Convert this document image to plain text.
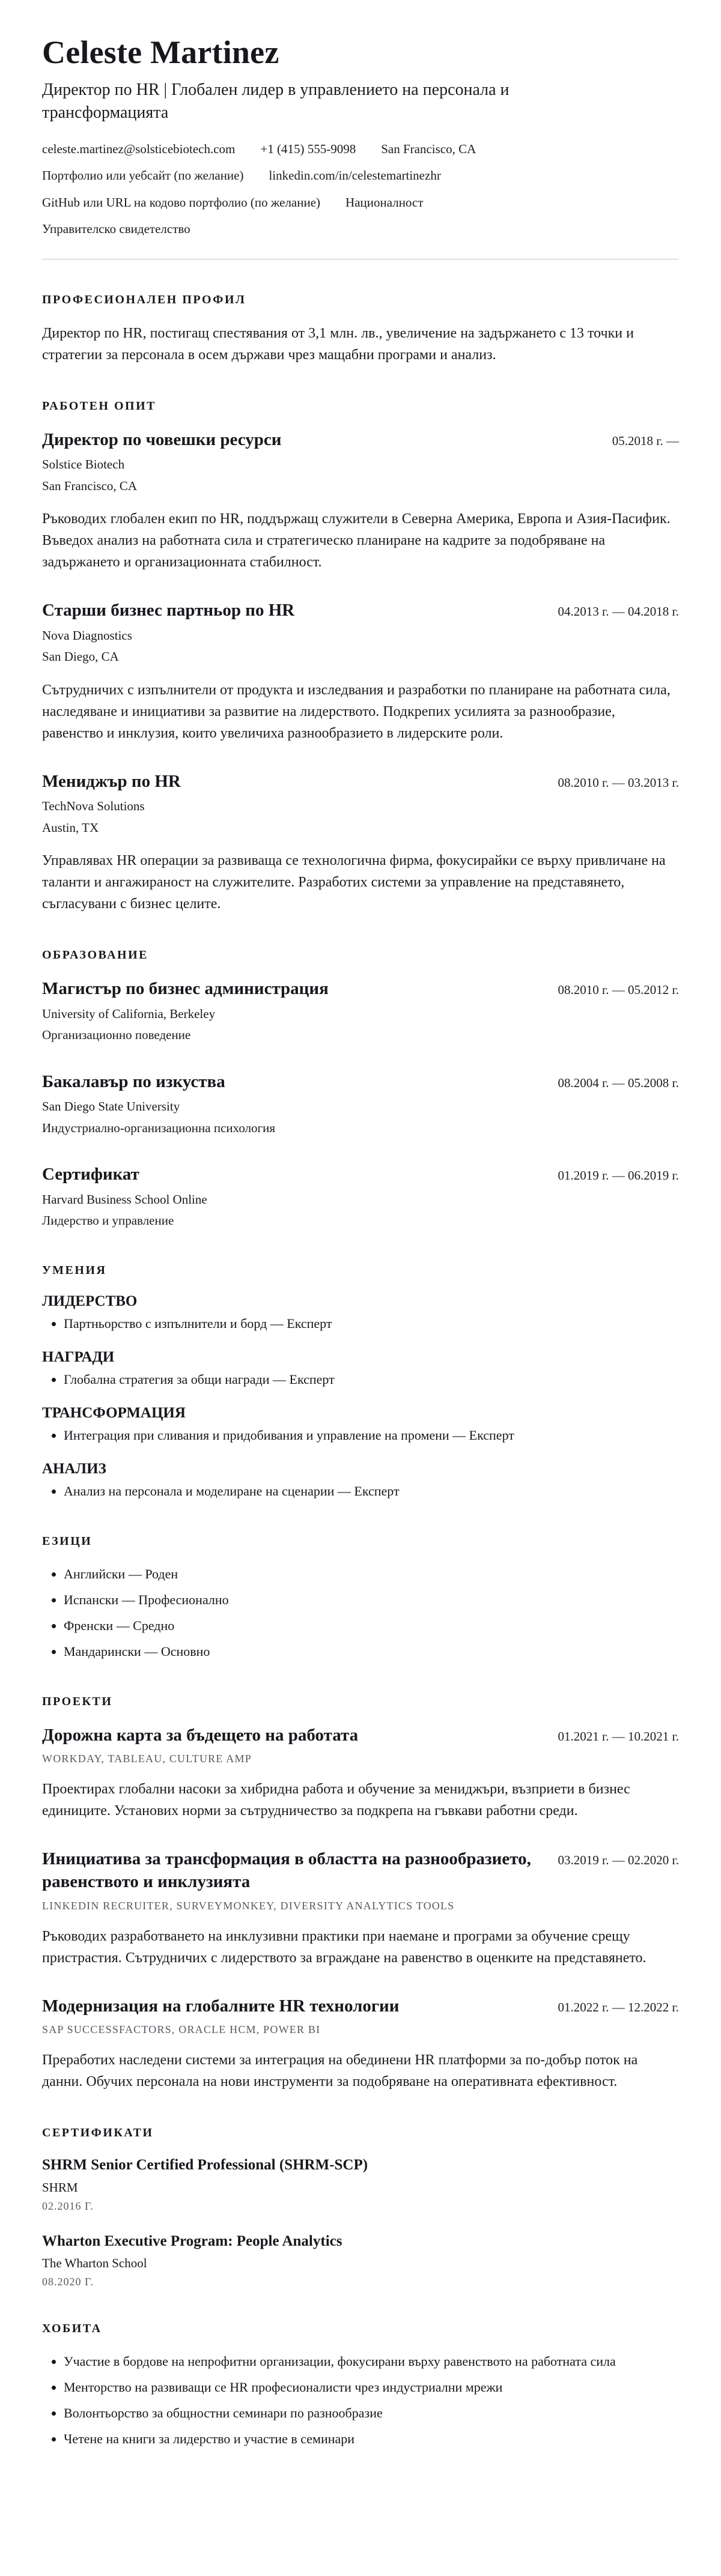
Celeste Martinez

Директор по HR | Глобален лидер в управлението на персонала и трансформацията

celeste.martinez@solsticebiotech.com +1 (415) 555-9098 San Francisco, CA
Портфолио или уебсайт (по желание) linkedin.com/in/celestemartinezhr
GitHub или URL на кодово портфолио (по желание) Националност
Управителско свидетелство
ПРОФЕСИОНАЛЕН ПРОФИЛ

Директор по HR, постигащ спестявания от 3,1 млн. лв., увеличение на задържането с 13 точки и стратегии за персонала в осем държави чрез мащабни програми и анализ.

РАБОТЕН ОПИТ
Директор по човешки ресурси	05.2018 г. —
Solstice Biotech
San Francisco, CA

Ръководих глобален екип по HR, поддържащ служители в Северна Америка, Европа и Азия-Пасифик. Въведох анализ на работната сила и стратегическо планиране на кадрите за подобряване на задържането и организационната стабилност.

Старши бизнес партньор по HR	04.2013 г. — 04.2018 г.
Nova Diagnostics
San Diego, CA

Сътрудничих с изпълнители от продукта и изследвания и разработки по планиране на работната сила, наследяване и инициативи за развитие на лидерството. Подкрепих усилията за разнообразие, равенство и инклузия, които увеличиха разнообразието в лидерските роли.

Мениджър по HR	08.2010 г. — 03.2013 г.
TechNova Solutions
Austin, TX

Управлявах HR операции за развиваща се технологична фирма, фокусирайки се върху привличане на таланти и ангажираност на служителите. Разработих системи за управление на представянето, съгласувани с бизнес целите.

ОБРАЗОВАНИЕ
Магистър по бизнес администрация	08.2010 г. — 05.2012 г.
University of California, Berkeley
Организационно поведение
Бакалавър по изкуства	08.2004 г. — 05.2008 г.
San Diego State University
Индустриално-организационна психология
Сертификат	01.2019 г. — 06.2019 г.
Harvard Business School Online
Лидерство и управление
УМЕНИЯ
ЛИДЕРСТВО
• Партньорство с изпълнители и борд — Експерт
НАГРАДИ
• Глобална стратегия за общи награди — Експерт
ТРАНСФОРМАЦИЯ
• Интеграция при сливания и придобивания и управление на промени — Експерт
АНАЛИЗ
• Анализ на персонала и моделиране на сценарии — Експерт
ЕЗИЦИ
• Английски — Роден
• Испански — Професионално
• Френски — Средно
• Мандарински — Основно
ПРОЕКТИ
Дорожна карта за бъдещето на работата	01.2021 г. — 10.2021 г.
WORKDAY, TABLEAU, CULTURE AMP

Проектирах глобални насоки за хибридна работа и обучение за мениджъри, възприети в бизнес единиците. Установих норми за сътрудничество за подкрепа на гъвкави работни среди.

Инициатива за трансформация в областта на разнообразието, равенството и инклузията
03.2019 г. — 02.2020 г.
LINKEDIN RECRUITER, SURVEYMONKEY, DIVERSITY ANALYTICS TOOLS

Ръководих разработването на инклузивни практики при наемане и програми за обучение срещу пристрастия. Сътрудничих с лидерството за вграждане на равенство в оценките на представянето.

Модернизация на глобалните HR технологии	01.2022 г. — 12.2022 г.
SAP SUCCESSFACTORS, ORACLE HCM, POWER BI

Преработих наследени системи за интеграция на обединени HR платформи за по-добър поток на данни. Обучих персонала на нови инструменти за подобряване на оперативната ефективност.

СЕРТИФИКАТИ
SHRM Senior Certified Professional (SHRM-SCP)
SHRM
02.2016 Г.
Wharton Executive Program: People Analytics
The Wharton School
08.2020 Г.
ХОБИТА
• Участие в бордове на непрофитни организации, фокусирани върху равенството на работната сила
• Менторство на развиващи се HR професионалисти чрез индустриални мрежи
• Волонтьорство за общностни семинари по разнообразие
• Четене на книги за лидерство и участие в семинари
